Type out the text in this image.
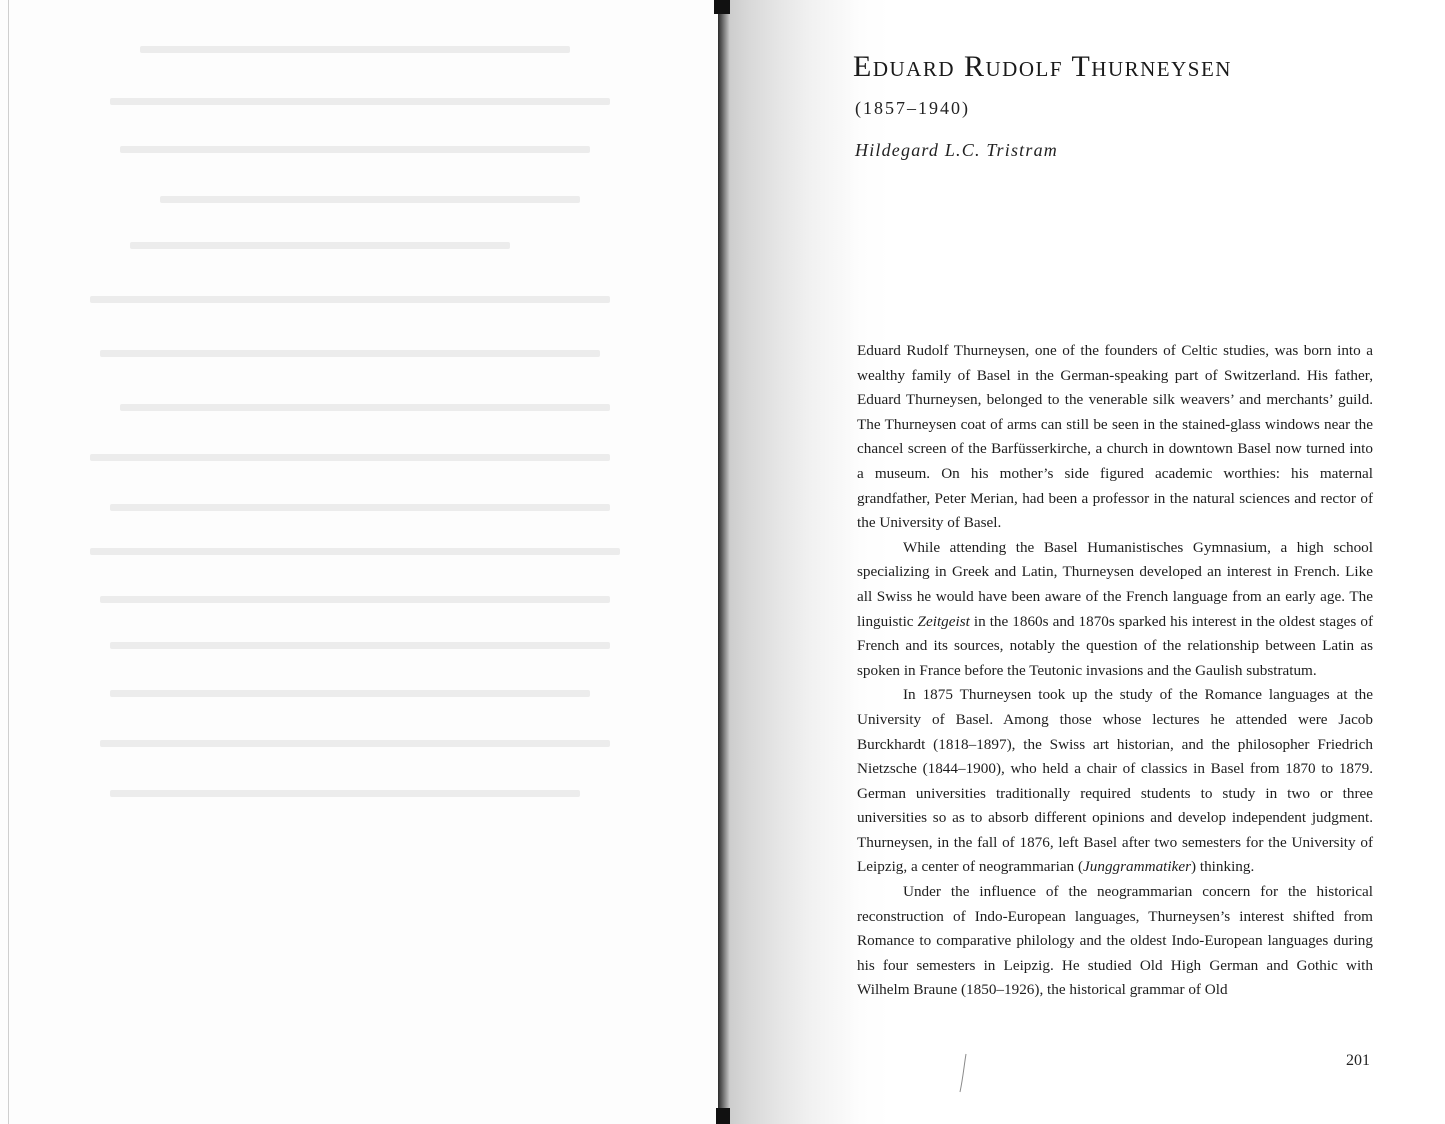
Eduard Rudolf Thurneysen
(1857–1940)
Hildegard L.C. Tristram

Eduard Rudolf Thurneysen, one of the founders of Celtic studies, was born into a wealthy family of Basel in the German-speaking part of Switzerland. His father, Eduard Thurneysen, belonged to the venerable silk weavers’ and merchants’ guild. The Thurneysen coat of arms can still be seen in the stained-glass windows near the chancel screen of the Barfüsserkirche, a church in downtown Basel now turned into a museum. On his mother’s side figured academic worthies: his maternal grandfather, Peter Merian, had been a professor in the natural sciences and rector of the University of Basel.

While attending the Basel Humanistisches Gymnasium, a high school specializing in Greek and Latin, Thurneysen developed an interest in French. Like all Swiss he would have been aware of the French language from an early age. The linguistic Zeitgeist in the 1860s and 1870s sparked his interest in the oldest stages of French and its sources, notably the question of the relationship between Latin as spoken in France before the Teutonic invasions and the Gaulish substratum.

In 1875 Thurneysen took up the study of the Romance languages at the University of Basel. Among those whose lectures he attended were Jacob Burckhardt (1818–1897), the Swiss art historian, and the philosopher Friedrich Nietzsche (1844–1900), who held a chair of classics in Basel from 1870 to 1879. German universities traditionally required students to study in two or three universities so as to absorb different opinions and develop independent judgment. Thurneysen, in the fall of 1876, left Basel after two semesters for the University of Leipzig, a center of neogrammarian (Junggrammatiker) thinking.

Under the influence of the neogrammarian concern for the historical reconstruction of Indo-European languages, Thurneysen’s interest shifted from Romance to comparative philology and the oldest Indo-European languages during his four semesters in Leipzig. He studied Old High German and Gothic with Wilhelm Braune (1850–1926), the historical grammar of Old

201
